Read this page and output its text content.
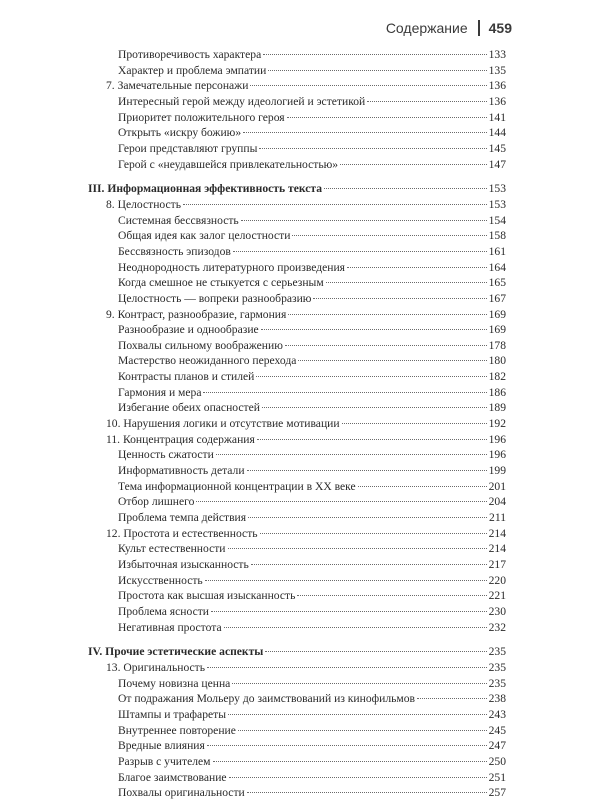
Содержание 459
Противоречивость характера	133
Характер и проблема эмпатии	135
7. Замечательные персонажи	136
Интересный герой между идеологией и эстетикой	136
Приоритет положительного героя	141
Открыть «искру божию»	144
Герои представляют группы	145
Герой с «неудавшейся привлекательностью»	147
III. Информационная эффективность текста	153
8. Целостность	153
Системная бессвязность	154
Общая идея как залог целостности	158
Бессвязность эпизодов	161
Неоднородность литературного произведения	164
Когда смешное не стыкуется с серьезным	165
Целостность — вопреки разнообразию	167
9. Контраст, разнообразие, гармония	169
Разнообразие и однообразие	169
Похвалы сильному воображению	178
Мастерство неожиданного перехода	180
Контрасты планов и стилей	182
Гармония и мера	186
Избегание обеих опасностей	189
10. Нарушения логики и отсутствие мотивации	192
11. Концентрация содержания	196
Ценность сжатости	196
Информативность детали	199
Тема информационной концентрации в XX веке	201
Отбор лишнего	204
Проблема темпа действия	211
12. Простота и естественность	214
Культ естественности	214
Избыточная изысканность	217
Искусственность	220
Простота как высшая изысканность	221
Проблема ясности	230
Негативная простота	232
IV. Прочие эстетические аспекты	235
13. Оригинальность	235
Почему новизна ценна	235
От подражания Мольеру до заимствований из кинофильмов	238
Штампы и трафареты	243
Внутреннее повторение	245
Вредные влияния	247
Разрыв с учителем	250
Благое заимствование	251
Похвалы оригинальности	257
